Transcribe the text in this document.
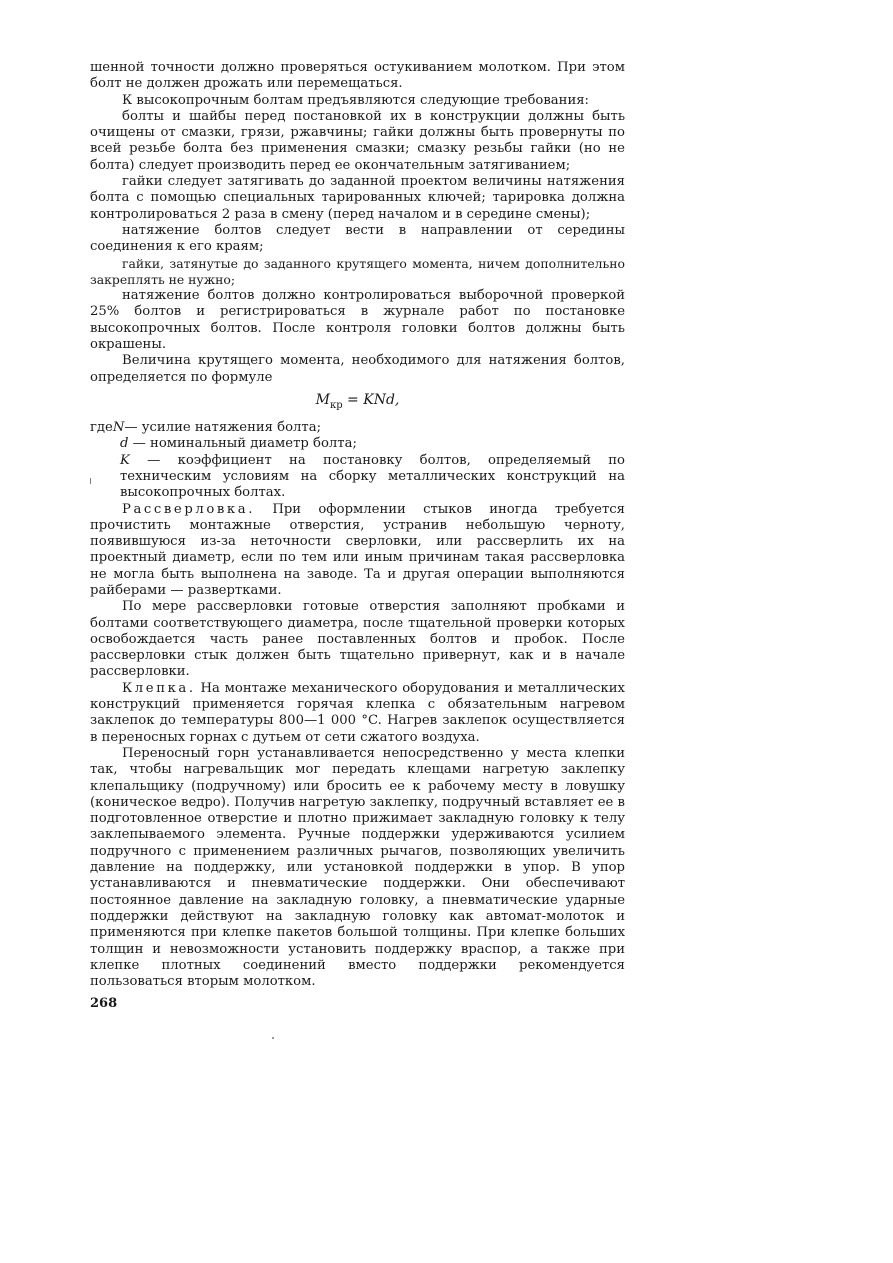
шенной точности должно проверяться остукиванием молотком. При этом болт не должен дрожать или перемещаться.

К высокопрочным болтам предъявляются следующие требования:

болты и шайбы перед постановкой их в конструкции должны быть очищены от смазки, грязи, ржавчины; гайки должны быть провернуты по всей резьбе болта без применения смазки; смазку резьбы гайки (но не болта) следует производить перед ее окончательным затягиванием;

гайки следует затягивать до заданной проектом величины натяжения болта с помощью специальных тарированных ключей; тарировка должна контролироваться 2 раза в смену (перед началом и в середине смены);

натяжение болтов следует вести в направлении от середины соединения к его краям;

гайки, затянутые до заданного крутящего момента, ничем дополнительно закреплять не нужно;

натяжение болтов должно контролироваться выборочной проверкой 25% болтов и регистрироваться в журнале работ по постановке высокопрочных болтов. После контроля головки болтов должны быть окрашены.

Величина крутящего момента, необходимого для натяжения болтов, определяется по формуле

$M_{кр}$ = KNd,
где N — усилие натяжения болта;
d — номинальный диаметр болта;
K — коэффициент на постановку болтов, определяемый по техническим условиям на сборку металлических конструкций на высокопрочных болтах.

Рассверловка. При оформлении стыков иногда требуется прочистить монтажные отверстия, устранив небольшую черноту, появившуюся из-за неточности сверловки, или рассверлить их на проектный диаметр, если по тем или иным причинам такая рассверловка не могла быть выполнена на заводе. Та и другая операции выполняются райберами — развертками.

По мере рассверловки готовые отверстия заполняют пробками и болтами соответствующего диаметра, после тщательной проверки которых освобождается часть ранее поставленных болтов и пробок. После рассверловки стык должен быть тщательно привернут, как и в начале рассверловки.

Клепка. На монтаже механического оборудования и металлических конструкций применяется горячая клепка с обязательным нагревом заклепок до температуры 800—1 000 °C. Нагрев заклепок осуществляется в переносных горнах с дутьем от сети сжатого воздуха.

Переносный горн устанавливается непосредственно у места клепки так, чтобы нагревальщик мог передать клещами нагретую заклепку клепальщику (подручному) или бросить ее к рабочему месту в ловушку (коническое ведро). Получив нагретую заклепку, подручный вставляет ее в подготовленное отверстие и плотно прижимает закладную головку к телу заклепываемого элемента. Ручные поддержки удерживаются усилием подручного с применением различных рычагов, позволяющих увеличить давление на поддержку, или установкой поддержки в упор. В упор устанавливаются и пневматические поддержки. Они обеспечивают постоянное давление на закладную головку, а пневматические ударные поддержки действуют на закладную головку как автомат-молоток и применяются при клепке пакетов большой толщины. При клепке больших толщин и невозможности установить поддержку враспор, а также при клепке плотных соединений вместо поддержки рекомендуется пользоваться вторым молотком.

268
